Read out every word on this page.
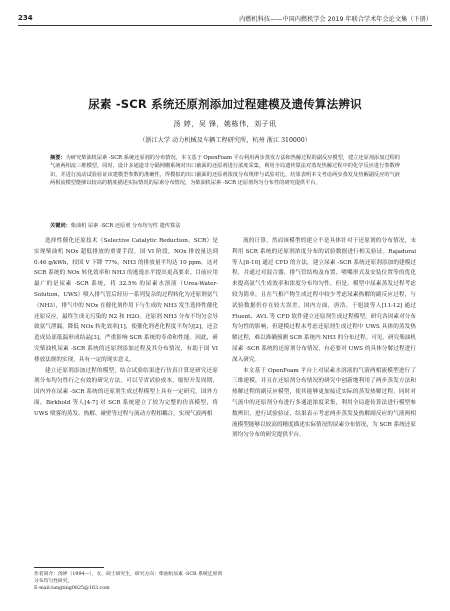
234	内燃机科技——中国内燃机学会 2019 年联合学术年会论文集（下册）
尿素 -SCR 系统还原剂添加过程建模及遗传算法辨识
汤 婷，吴 锋，姚栋伟，刘子讯
（浙江大学 动力机械及车辆工程研究所，杭州 浙江 310000）
摘要：为研究柴油机尿素 -SCR 系统还原剂的分布情况，本文基于 OpenFoam 平台利用两步蒸发方法和热解过程的副反应模型，建立还原剂添加过程的气液两相流三维模型。同时，设计多通道非分隔网栅系统对出口截面的还原剂进行浓度采集，利用全局遗传算法对蒸发热解过程中的化学反应进行参数辨识，并进行流动试验验证该建模型参数的准确性，得模拟的出口截面的还原剂浓度分布规律与试验对比，结果表明本文考虑两步蒸发及热解副反应的气液两相流模型能够以较高的精度描述实际情况的尿素分布情况，为柴油机尿素 -SCR 还原剂均匀分布性的研究提供平台。
关键词：柴油机 尿素 -SCR 还原剂 分布均匀性 遗传算法

选择性催化还原技术（Selective Catalytic Reduction，SCR）是实现柴油机 NOx 超低排放的重要手段。国 VI 阶段，NOx 排放量达到 0.46 g/kWh，较国 V 下降 77%，NH3 的排放量平均达 10 ppm，这对 SCR 系统的 NOx 转化效率和 NH3 的逃逸水平提出更高要求。目前应用最广的是尿素 -SCR 系统，将 32.5% 的尿素水溶液（Urea-Water-Solution，UWS）喷入排气管后经历一系列复杂的过程转化为还原剂氨气（NH3），排气中的 NOx 在催化剂作用下与生成的 NH3 发生选择性催化还原反应，最终生成无污染的 N2 和 H2O。还原剂 NH3 分布不均匀会导致氨气泄漏，降低 NOx 转化效率[1]，使催化剂老化程度不均匀[2]，还会造成局部低温形成结晶[3]，严重影响 SCR 系统的寿命和性能。因此，研究柴油机尿素 -SCR 系统的还原剂添加过程及其分布情况，有助于国 VI 排放法规的实现，具有一定的现实意义。

建立还原剂添加过程的模型，结合试验结果进行仿真计算是研究还原剂分布均匀性行之有效的研究方法，可以节省试验成本，缩短开发周期，国内外在尿素 -SCR 系统的还原剂生成过程模型上具有一定研究。国外方面，Birkhold 等人[4-7] 对 SCR 系统建立了较为完整的仿真模型，将 UWS 喷雾的蒸发、热解、碰壁等过程与流动方程相耦合，实现气液两相

流的计算。然而该模型的建立不是具体针对于还原剂的分布情况，未利用 SCR 系统的还原剂浓度分布的试验数据进行相关验证。Rajadurai 等人[8-10] 通过 CFD 的方法，建立尿素 -SCR 系统还原剂添加的建模过程，并通过对混合器、排气管结构及布置、喷嘴形式及安装位置等的优化来提高氨气生成效率和浓度分布均匀性。但是，模型中尿素蒸发过程考虑较为简单，且在气相产物生成过程中较少考虑尿素热解的副反应过程，与试验数据仍存在较大误差。国内方面，唐浩、于旭波等人[11-12] 通过 Fluent、AVL 等 CFD 软件建立还原剂生成过程模型，研究各因素对分布均匀性的影响，但建模过程未考虑还原剂生成过程中 UWS 具体的蒸发热解过程，难以准确预测 SCR 系统内 NH3 的分布过程。可见，研究柴油机尿素 -SCR 系统的还原剂分布情况，有必要对 UWS 的具体分解过程进行深入研究。

本文基于 OpenFoam 平台上对尿素水溶液的气液两相流模型进行了三维建模，并且在还原剂分布情况的研究中创新地利用了两步蒸发方法和热解过程的副反应模型，使其能够更加接近实际的蒸发热解过程。同时对气流中的还原剂分布进行多通道浓度采集，利用全局遗传算法进行模型参数辨识，进行试验验证，结果表示考虑两步蒸发及热解副反应的气液两相流模型能够以较高的精度描述实际情况的尿素分布情况，为 SCR 系统还原剂均匀分布的研究提供平台。

作者简介：汤婷（1994—），女，硕士研究生，研究方向：柴油机尿素 -SCR 系统还原剂分布均匀性研究。
E-mail:tangting0825@163.com
